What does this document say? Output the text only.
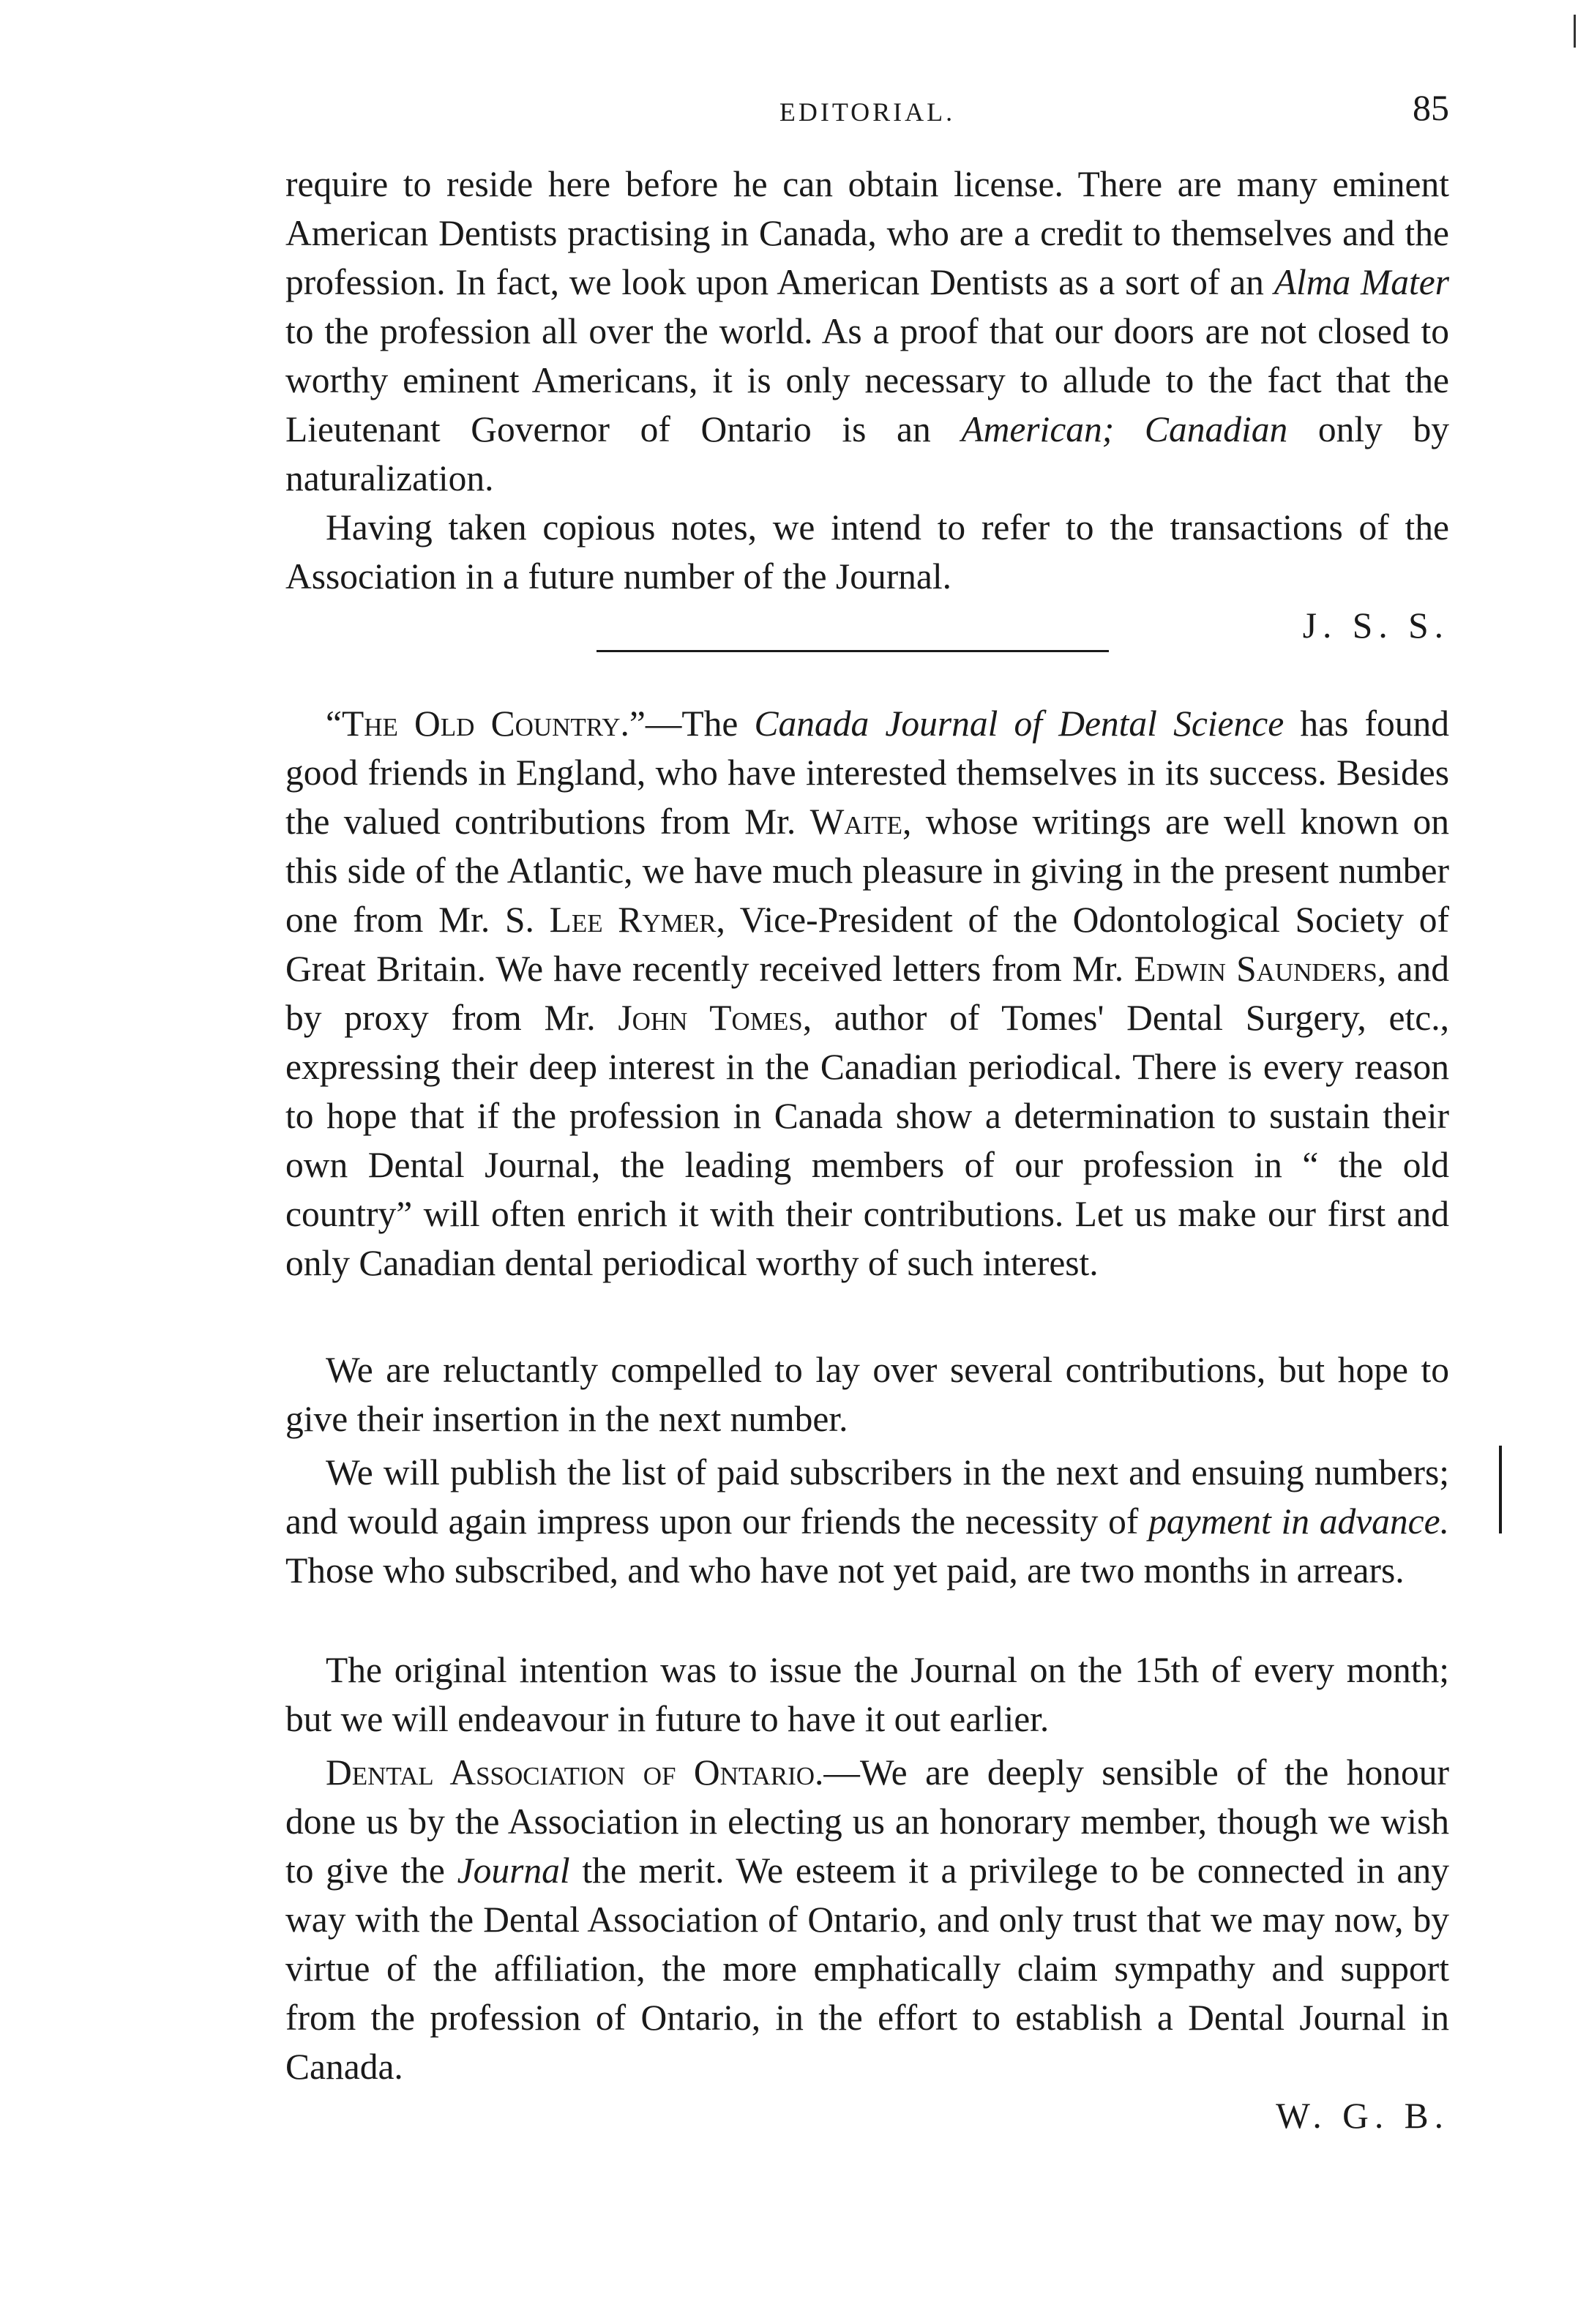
EDITORIAL.	85

require to reside here before he can obtain license. There are many eminent American Dentists practising in Canada, who are a credit to themselves and the profession. In fact, we look upon American Dentists as a sort of an Alma Mater to the profession all over the world. As a proof that our doors are not closed to worthy eminent Americans, it is only necessary to allude to the fact that the Lieutenant Governor of Ontario is an American; Canadian only by naturalization.

Having taken copious notes, we intend to refer to the transactions of the Association in a future number of the Journal.

J. S. S.

“The Old Country.”—The Canada Journal of Dental Science has found good friends in England, who have interested themselves in its success. Besides the valued contributions from Mr. Waite, whose writings are well known on this side of the Atlantic, we have much pleasure in giving in the present number one from Mr. S. Lee Rymer, Vice-President of the Odontological Society of Great Britain. We have recently received letters from Mr. Edwin Saunders, and by proxy from Mr. John Tomes, author of Tomes' Dental Surgery, etc., expressing their deep interest in the Canadian periodical. There is every reason to hope that if the profession in Canada show a determination to sustain their own Dental Journal, the leading members of our profession in “ the old country” will often enrich it with their contributions. Let us make our first and only Canadian dental periodical worthy of such interest.

We are reluctantly compelled to lay over several contributions, but hope to give their insertion in the next number.

We will publish the list of paid subscribers in the next and ensuing numbers; and would again impress upon our friends the necessity of payment in advance. Those who subscribed, and who have not yet paid, are two months in arrears.

The original intention was to issue the Journal on the 15th of every month; but we will endeavour in future to have it out earlier.

Dental Association of Ontario.—We are deeply sensible of the honour done us by the Association in electing us an honorary member, though we wish to give the Journal the merit. We esteem it a privilege to be connected in any way with the Dental Association of Ontario, and only trust that we may now, by virtue of the affiliation, the more emphatically claim sympathy and support from the profession of Ontario, in the effort to establish a Dental Journal in Canada.

W. G. B.
